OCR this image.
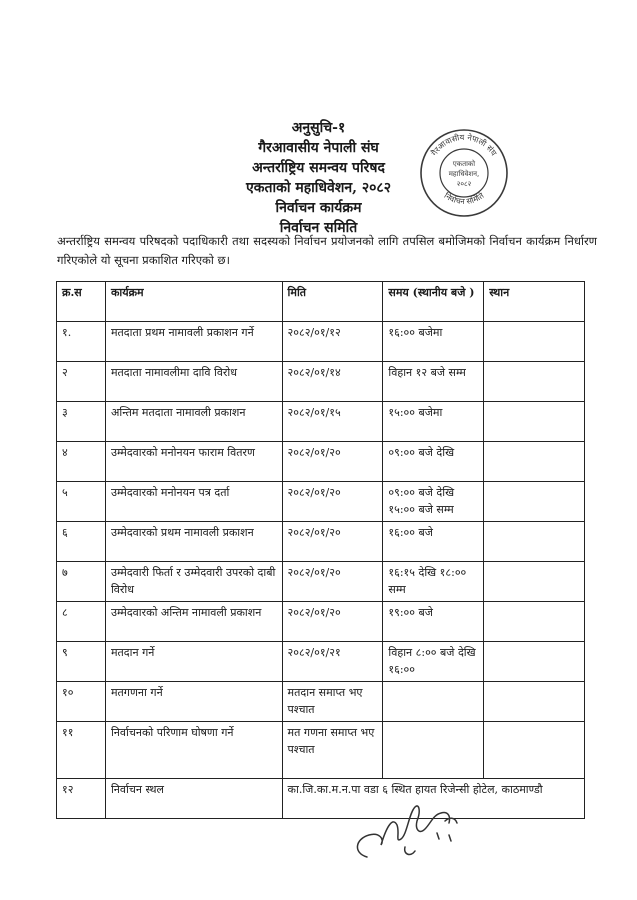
अनुसुचि-१
गैरआवासीय नेपाली संघ
अन्तर्राष्ट्रिय समन्वय परिषद
एकताको महाधिवेशन, २०८२
निर्वाचन कार्यक्रम
निर्वाचन समिति
गैरआवासीय नेपाली संघ
निर्वाचन समिति
एकताको
महाधिवेशन,
२०८२
अन्तर्राष्ट्रिय समन्वय परिषदको पदाधिकारी तथा सदस्यको निर्वाचन प्रयोजनको लागि तपसिल बमोजिमको निर्वाचन कार्यक्रम निर्धारण गरिएकोले यो सूचना प्रकाशित गरिएको छ।
क्र.स	कार्यक्रम	मिति	समय (स्थानीय बजे )	स्थान
१.	मतदाता प्रथम नामावली प्रकाशन गर्ने	२०८२/०१/१२	१६:०० बजेमा	
२	मतदाता नामावलीमा दावि विरोध	२०८२/०१/१४	विहान १२ बजे सम्म	
३	अन्तिम मतदाता नामावली प्रकाशन	२०८२/०१/१५	१५:०० बजेमा	
४	उम्मेदवारको मनोनयन फाराम वितरण	२०८२/०१/२०	०९:०० बजे देखि	
५	उम्मेदवारको मनोनयन पत्र दर्ता	२०८२/०१/२०	०९:०० बजे देखि १५:०० बजे सम्म	
६	उम्मेदवारको प्रथम नामावली प्रकाशन	२०८२/०१/२०	१६:०० बजे	
७	उम्मेदवारी फिर्ता र उम्मेदवारी उपरको दाबी विरोध	२०८२/०१/२०	१६:१५ देखि १८:०० सम्म	
८	उम्मेदवारको अन्तिम नामावली प्रकाशन	२०८२/०१/२०	१९:०० बजे	
९	मतदान गर्ने	२०८२/०१/२१	विहान ८:०० बजे देखि १६:००	
१०	मतगणना गर्ने	मतदान समाप्त भए पश्चात		
११	निर्वाचनको परिणाम घोषणा गर्ने	मत गणना समाप्त भए पश्चात		
१२	निर्वाचन स्थल	का.जि.का.म.न.पा वडा ६ स्थित हायत रिजेन्सी होटेल, काठमाण्डौ		
